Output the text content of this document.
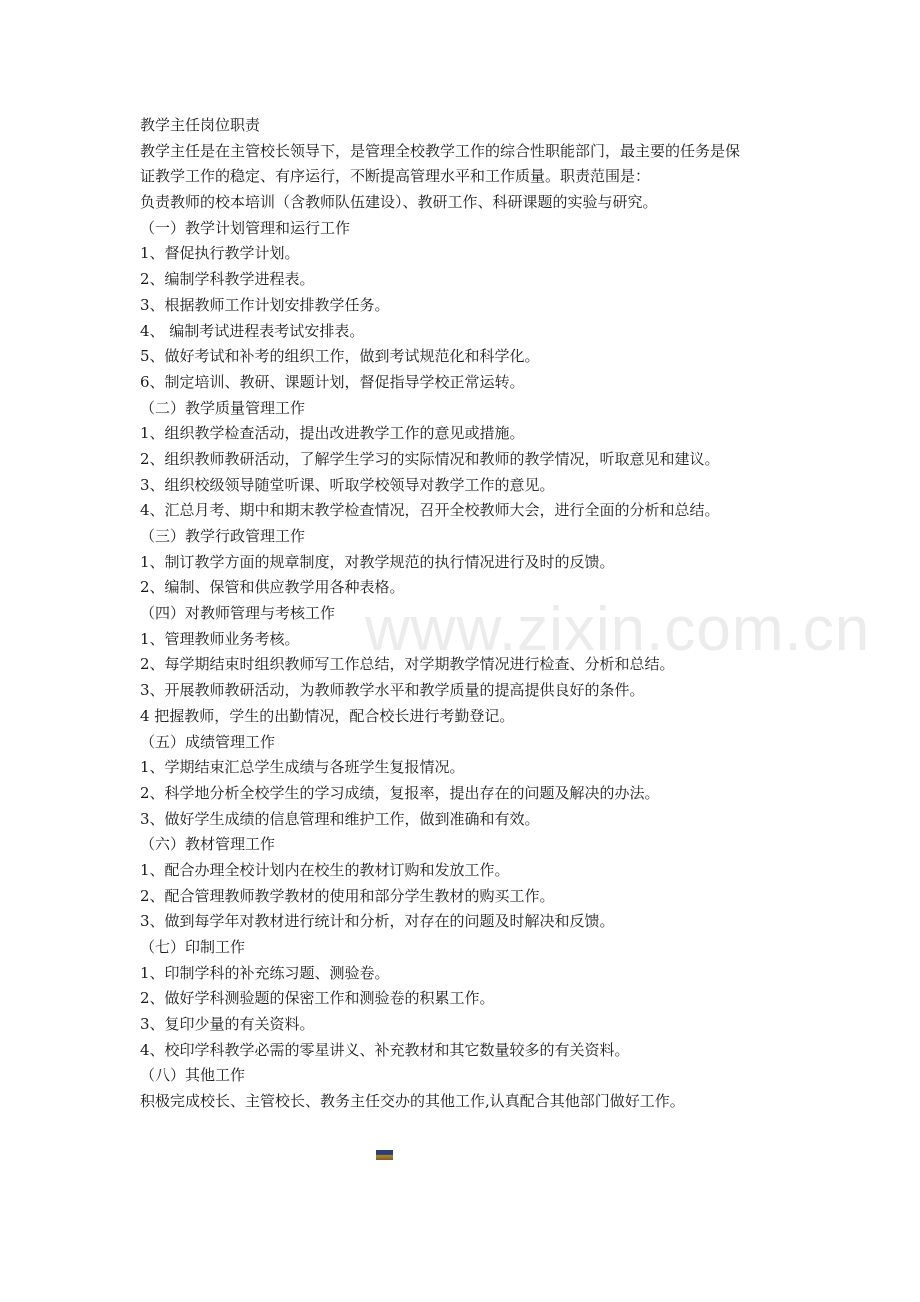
www.zixin.com.cn
教学主任岗位职责
教学主任是在主管校长领导下，是管理全校教学工作的综合性职能部门，最主要的任务是保
证教学工作的稳定、有序运行，不断提高管理水平和工作质量。职责范围是：
负责教师的校本培训（含教师队伍建设）、教研工作、科研课题的实验与研究。
（一）教学计划管理和运行工作
1、督促执行教学计划。
2、编制学科教学进程表。
3、根据教师工作计划安排教学任务。
4、 编制考试进程表考试安排表。
5、做好考试和补考的组织工作，做到考试规范化和科学化。
6、制定培训、教研、课题计划，督促指导学校正常运转。
（二）教学质量管理工作
1、组织教学检查活动，提出改进教学工作的意见或措施。
2、组织教师教研活动，了解学生学习的实际情况和教师的教学情况，听取意见和建议。
3、组织校级领导随堂听课、听取学校领导对教学工作的意见。
4、汇总月考、期中和期末教学检查情况，召开全校教师大会，进行全面的分析和总结。
（三）教学行政管理工作
1、制订教学方面的规章制度，对教学规范的执行情况进行及时的反馈。
2、编制、保管和供应教学用各种表格。
（四）对教师管理与考核工作
1、管理教师业务考核。
2、每学期结束时组织教师写工作总结，对学期教学情况进行检查、分析和总结。
3、开展教师教研活动，为教师教学水平和教学质量的提高提供良好的条件。
4 把握教师，学生的出勤情况，配合校长进行考勤登记。
（五）成绩管理工作
1、学期结束汇总学生成绩与各班学生复报情况。
2、科学地分析全校学生的学习成绩，复报率，提出存在的问题及解决的办法。
3、做好学生成绩的信息管理和维护工作，做到准确和有效。
（六）教材管理工作
1、配合办理全校计划内在校生的教材订购和发放工作。
2、配合管理教师教学教材的使用和部分学生教材的购买工作。
3、做到每学年对教材进行统计和分析，对存在的问题及时解决和反馈。
（七）印制工作
1、印制学科的补充练习题、测验卷。
2、做好学科测验题的保密工作和测验卷的积累工作。
3、复印少量的有关资料。
4、校印学科教学必需的零星讲义、补充教材和其它数量较多的有关资料。
（八）其他工作
积极完成校长、主管校长、教务主任交办的其他工作,认真配合其他部门做好工作。
